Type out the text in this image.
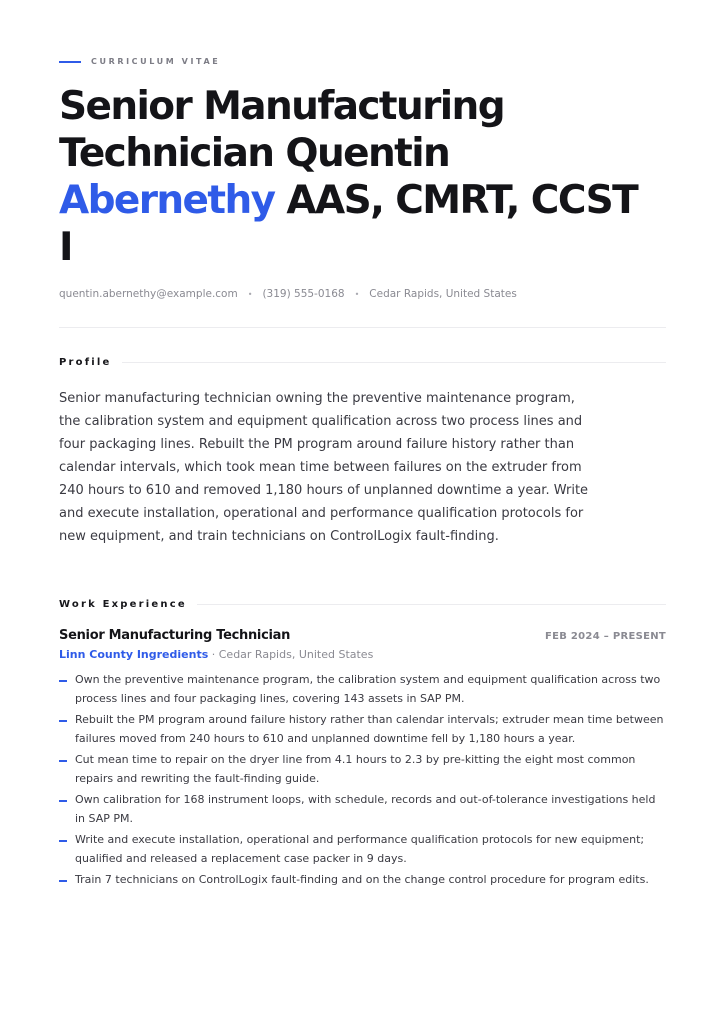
CURRICULUM VITAE
Senior Manufacturing Technician Quentin Abernethy AAS, CMRT, CCST I
quentin.abernethy@example.com • (319) 555-0168 • Cedar Rapids, United States
Profile

Senior manufacturing technician owning the preventive maintenance program, the calibration system and equipment qualification across two process lines and four packaging lines. Rebuilt the PM program around failure history rather than calendar intervals, which took mean time between failures on the extruder from 240 hours to 610 and removed 1,180 hours of unplanned downtime a year. Write and execute installation, operational and performance qualification protocols for new equipment, and train technicians on ControlLogix fault-finding.

Work Experience
Senior Manufacturing Technician	FEB 2024 – PRESENT
Linn County Ingredients · Cedar Rapids, United States
Own the preventive maintenance program, the calibration system and equipment qualification across two process lines and four packaging lines, covering 143 assets in SAP PM.
Rebuilt the PM program around failure history rather than calendar intervals; extruder mean time between failures moved from 240 hours to 610 and unplanned downtime fell by 1,180 hours a year.
Cut mean time to repair on the dryer line from 4.1 hours to 2.3 by pre-kitting the eight most common repairs and rewriting the fault-finding guide.
Own calibration for 168 instrument loops, with schedule, records and out-of-tolerance investigations held in SAP PM.
Write and execute installation, operational and performance qualification protocols for new equipment; qualified and released a replacement case packer in 9 days.
Train 7 technicians on ControlLogix fault-finding and on the change control procedure for program edits.
